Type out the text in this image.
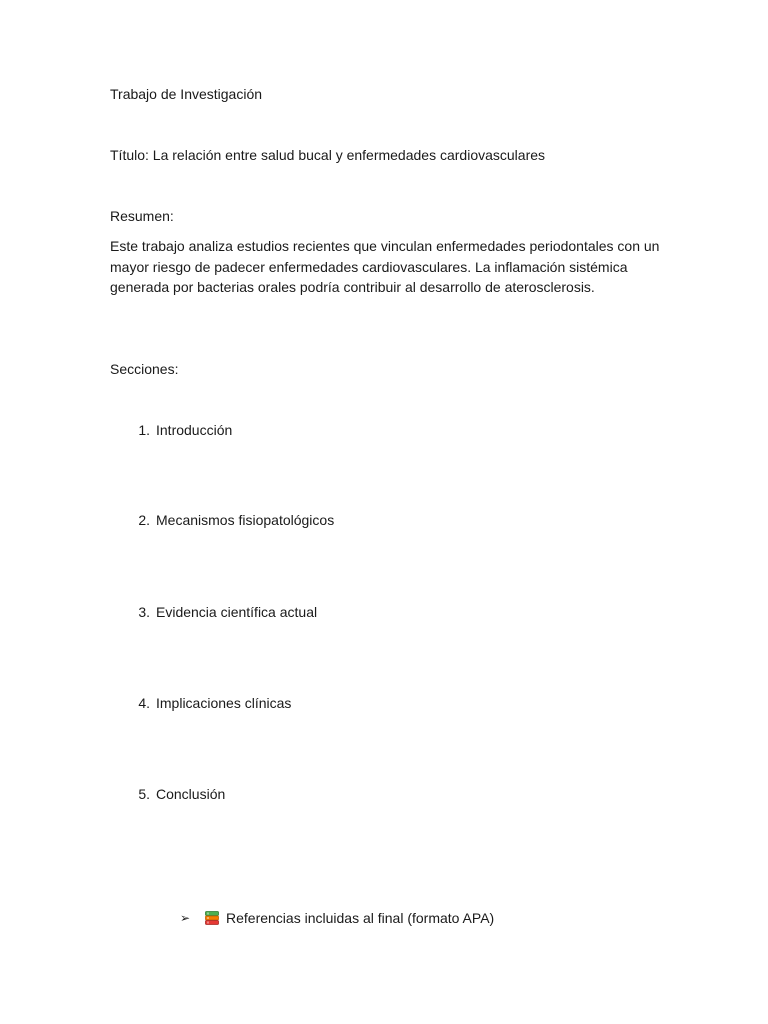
Trabajo de Investigación

Título: La relación entre salud bucal y enfermedades cardiovasculares

Resumen:

Este trabajo analiza estudios recientes que vinculan enfermedades periodontales con un mayor riesgo de padecer enfermedades cardiovasculares. La inflamación sistémica generada por bacterias orales podría contribuir al desarrollo de aterosclerosis.

Secciones:

1. Introducción
2. Mecanismos fisiopatológicos
3. Evidencia científica actual
4. Implicaciones clínicas
5. Conclusión
➢	Referencias incluidas al final (formato APA)
